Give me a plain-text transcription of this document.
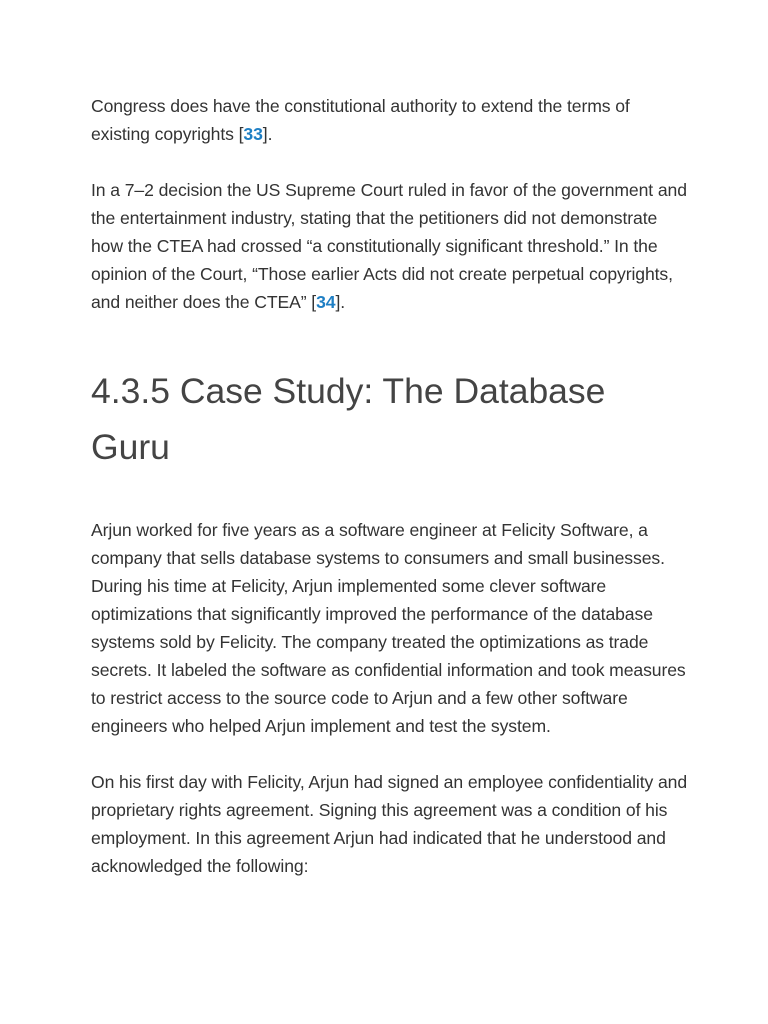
Congress does have the constitutional authority to extend the terms of existing copyrights [33].

In a 7–2 decision the US Supreme Court ruled in favor of the government and the entertainment industry, stating that the petitioners did not demonstrate how the CTEA had crossed “a constitutionally significant threshold.” In the opinion of the Court, “Those earlier Acts did not create perpetual copyrights, and neither does the CTEA” [34].

4.3.5 Case Study: The Database Guru

Arjun worked for five years as a software engineer at Felicity Software, a company that sells database systems to consumers and small businesses. During his time at Felicity, Arjun implemented some clever software optimizations that significantly improved the performance of the database systems sold by Felicity. The company treated the optimizations as trade secrets. It labeled the software as confidential information and took measures to restrict access to the source code to Arjun and a few other software engineers who helped Arjun implement and test the system.

On his first day with Felicity, Arjun had signed an employee confidentiality and proprietary rights agreement. Signing this agreement was a condition of his employment. In this agreement Arjun had indicated that he understood and acknowledged the following:
